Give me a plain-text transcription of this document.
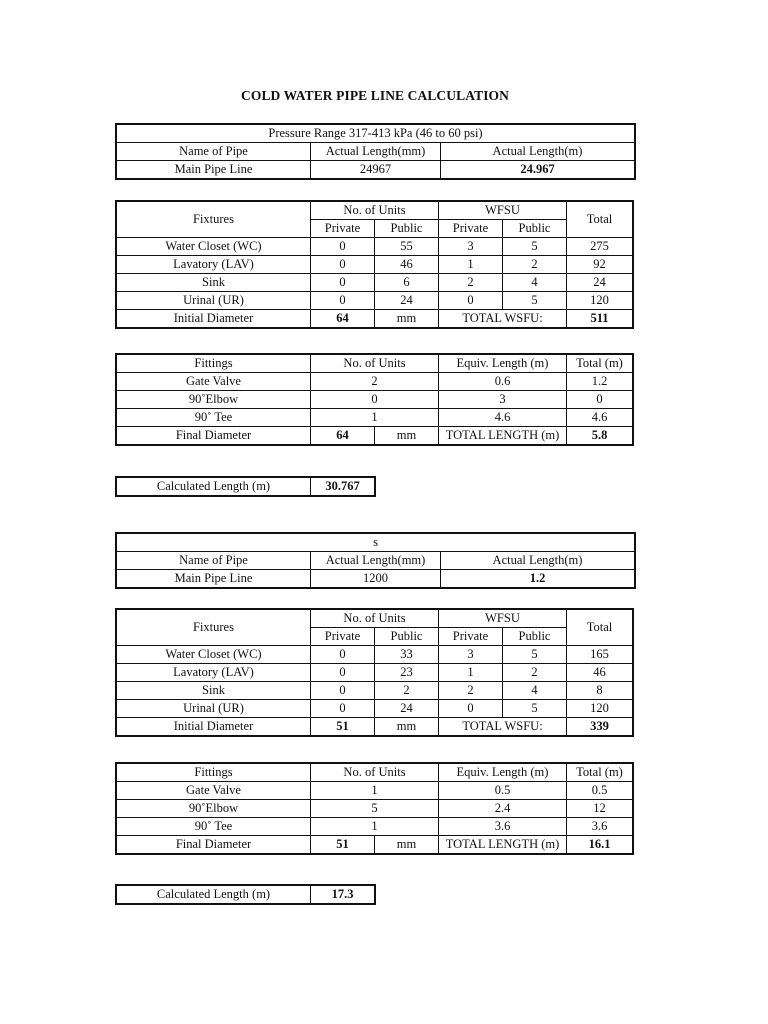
COLD WATER PIPE LINE CALCULATION
Pressure Range 317-413 kPa (46 to 60 psi)		
Name of Pipe	Actual Length(mm)	Actual Length(m)
Main Pipe Line	24967	24.967
Fixtures	No. of Units		WFSU		Total
	Private	Public	Private	Public	
Water Closet (WC)	0	55	3	5	275
Lavatory (LAV)	0	46	1	2	92
Sink	0	6	2	4	24
Urinal (UR)	0	24	0	5	120
Initial Diameter	64	mm	TOTAL WSFU:		511
Fittings	No. of Units		Equiv. Length (m)	Total (m)
Gate Valve	2		0.6	1.2
90˚Elbow	0		3	0
90˚ Tee	1		4.6	4.6
Final Diameter	64	mm	TOTAL LENGTH (m)	5.8
Calculated Length (m)	30.767
s		
Name of Pipe	Actual Length(mm)	Actual Length(m)
Main Pipe Line	1200	1.2
Fixtures	No. of Units		WFSU		Total
	Private	Public	Private	Public	
Water Closet (WC)	0	33	3	5	165
Lavatory (LAV)	0	23	1	2	46
Sink	0	2	2	4	8
Urinal (UR)	0	24	0	5	120
Initial Diameter	51	mm	TOTAL WSFU:		339
Fittings	No. of Units		Equiv. Length (m)	Total (m)
Gate Valve	1		0.5	0.5
90˚Elbow	5		2.4	12
90˚ Tee	1		3.6	3.6
Final Diameter	51	mm	TOTAL LENGTH (m)	16.1
Calculated Length (m)	17.3
